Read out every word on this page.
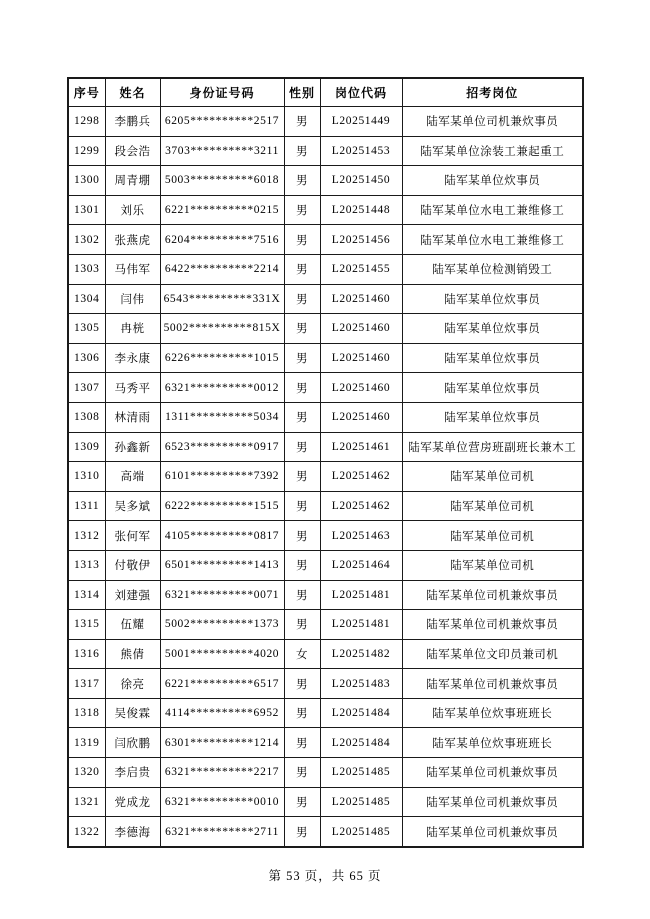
序号	姓名	身份证号码	性别	岗位代码	招考岗位
1298	李鹏兵	6205**********2517	男	L20251449	陆军某单位司机兼炊事员
1299	段会浩	3703**********3211	男	L20251453	陆军某单位涂装工兼起重工
1300	周青堋	5003**********6018	男	L20251450	陆军某单位炊事员
1301	刘乐	6221**********0215	男	L20251448	陆军某单位水电工兼维修工
1302	张燕虎	6204**********7516	男	L20251456	陆军某单位水电工兼维修工
1303	马伟军	6422**********2214	男	L20251455	陆军某单位检测销毁工
1304	闫伟	6543**********331X	男	L20251460	陆军某单位炊事员
1305	冉桄	5002**********815X	男	L20251460	陆军某单位炊事员
1306	李永康	6226**********1015	男	L20251460	陆军某单位炊事员
1307	马秀平	6321**********0012	男	L20251460	陆军某单位炊事员
1308	林清雨	1311**********5034	男	L20251460	陆军某单位炊事员
1309	孙鑫新	6523**********0917	男	L20251461	陆军某单位营房班副班长兼木工
1310	高端	6101**********7392	男	L20251462	陆军某单位司机
1311	吴多斌	6222**********1515	男	L20251462	陆军某单位司机
1312	张何军	4105**********0817	男	L20251463	陆军某单位司机
1313	付敬伊	6501**********1413	男	L20251464	陆军某单位司机
1314	刘建强	6321**********0071	男	L20251481	陆军某单位司机兼炊事员
1315	伍耀	5002**********1373	男	L20251481	陆军某单位司机兼炊事员
1316	熊倩	5001**********4020	女	L20251482	陆军某单位文印员兼司机
1317	徐亮	6221**********6517	男	L20251483	陆军某单位司机兼炊事员
1318	吴俊霖	4114**********6952	男	L20251484	陆军某单位炊事班班长
1319	闫欣鹏	6301**********1214	男	L20251484	陆军某单位炊事班班长
1320	李启贵	6321**********2217	男	L20251485	陆军某单位司机兼炊事员
1321	党成龙	6321**********0010	男	L20251485	陆军某单位司机兼炊事员
1322	李德海	6321**********2711	男	L20251485	陆军某单位司机兼炊事员
第 53 页，共 65 页
